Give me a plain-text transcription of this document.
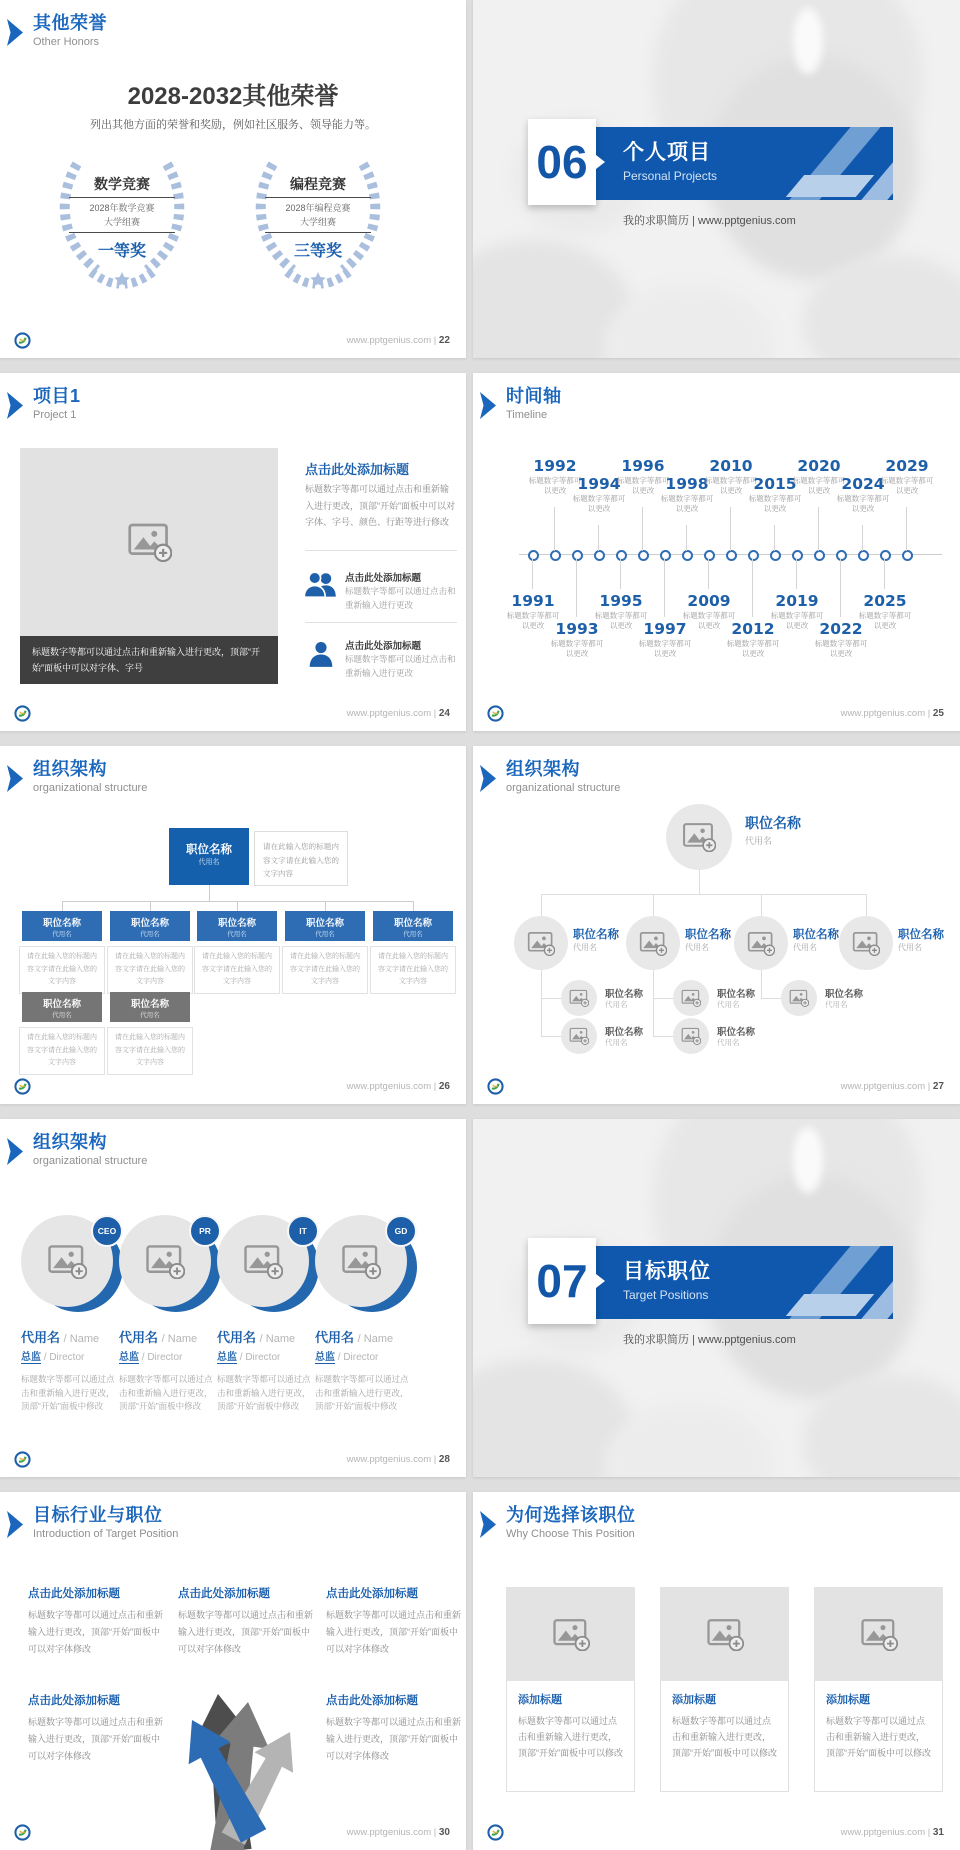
其他荣誉
Other Honors
2028-2032其他荣誉
列出其他方面的荣誉和奖励，例如社区服务、领导能力等。
数学竞赛
2028年数学竞赛
大学组赛
一等奖
编程竞赛
2028年编程竞赛
大学组赛
三等奖
www.pptgenius.com | 22
个人项目
Personal Projects
06
我的求职简历 | www.pptgenius.com
项目1
Project 1
标题数字等都可以通过点击和重新输入进行更改，顶部“开始”面板中可以对字体、字号
点击此处添加标题
标题数字等都可以通过点击和重新输入进行更改，顶部“开始”面板中可以对字体、字号、颜色、行距等进行修改
点击此处添加标题
标题数字等都可以通过点击和重新输入进行更改
点击此处添加标题
标题数字等都可以通过点击和重新输入进行更改
www.pptgenius.com | 24
时间轴
Timeline
1992
标题数字等都可以更改 1994
标题数字等都可以更改
1996
标题数字等都可以更改 1998
标题数字等都可以更改
2010
标题数字等都可以更改 2015
标题数字等都可以更改
2020
标题数字等都可以更改 2024
标题数字等都可以更改
2029
标题数字等都可以更改
1991
标题数字等都可以更改 1993
标题数字等都可以更改
1995
标题数字等都可以更改 1997
标题数字等都可以更改
2009
标题数字等都可以更改 2012
标题数字等都可以更改
2019
标题数字等都可以更改 2022
标题数字等都可以更改
2025
标题数字等都可以更改
www.pptgenius.com | 25
组织架构
organizational structure
职位名称
代用名
请在此输入您的标题内容文字请在此输入您的文字内容
职位名称
代用名
职位名称
代用名
职位名称
代用名
职位名称
代用名
职位名称
代用名
请在此输入您的标题内容文字请在此输入您的文字内容
请在此输入您的标题内容文字请在此输入您的文字内容
请在此输入您的标题内容文字请在此输入您的文字内容
请在此输入您的标题内容文字请在此输入您的文字内容
请在此输入您的标题内容文字请在此输入您的文字内容
职位名称
代用名
职位名称
代用名
请在此输入您的标题内容文字请在此输入您的文字内容
请在此输入您的标题内容文字请在此输入您的文字内容
www.pptgenius.com | 26
组织架构
organizational structure
职位名称
代用名
职位名称
代用名
职位名称
代用名
职位名称
代用名
职位名称
代用名
职位名称
代用名
职位名称
代用名
职位名称
代用名
职位名称
代用名
职位名称
代用名
www.pptgenius.com | 27
组织架构
organizational structure
CEO
代用名 / Name
总监 / Director
标题数字等都可以通过点击和重新输入进行更改，顶部“开始”面板中修改
PR
代用名 / Name
总监 / Director
标题数字等都可以通过点击和重新输入进行更改，顶部“开始”面板中修改
IT
代用名 / Name
总监 / Director
标题数字等都可以通过点击和重新输入进行更改，顶部“开始”面板中修改
GD
代用名 / Name
总监 / Director
标题数字等都可以通过点击和重新输入进行更改，顶部“开始”面板中修改
www.pptgenius.com | 28
目标职位
Target Positions
07
我的求职简历 | www.pptgenius.com
目标行业与职位
Introduction of Target Position
点击此处添加标题
标题数字等都可以通过点击和重新输入进行更改，顶部“开始”面板中可以对字体修改
点击此处添加标题
标题数字等都可以通过点击和重新输入进行更改，顶部“开始”面板中可以对字体修改
点击此处添加标题
标题数字等都可以通过点击和重新输入进行更改，顶部“开始”面板中可以对字体修改
点击此处添加标题
标题数字等都可以通过点击和重新输入进行更改，顶部“开始”面板中可以对字体修改
点击此处添加标题
标题数字等都可以通过点击和重新输入进行更改，顶部“开始”面板中可以对字体修改
www.pptgenius.com | 30
为何选择该职位
Why Choose This Position
添加标题
标题数字等都可以通过点击和重新输入进行更改，顶部“开始”面板中可以修改
添加标题
标题数字等都可以通过点击和重新输入进行更改，顶部“开始”面板中可以修改
添加标题
标题数字等都可以通过点击和重新输入进行更改，顶部“开始”面板中可以修改
www.pptgenius.com | 31
